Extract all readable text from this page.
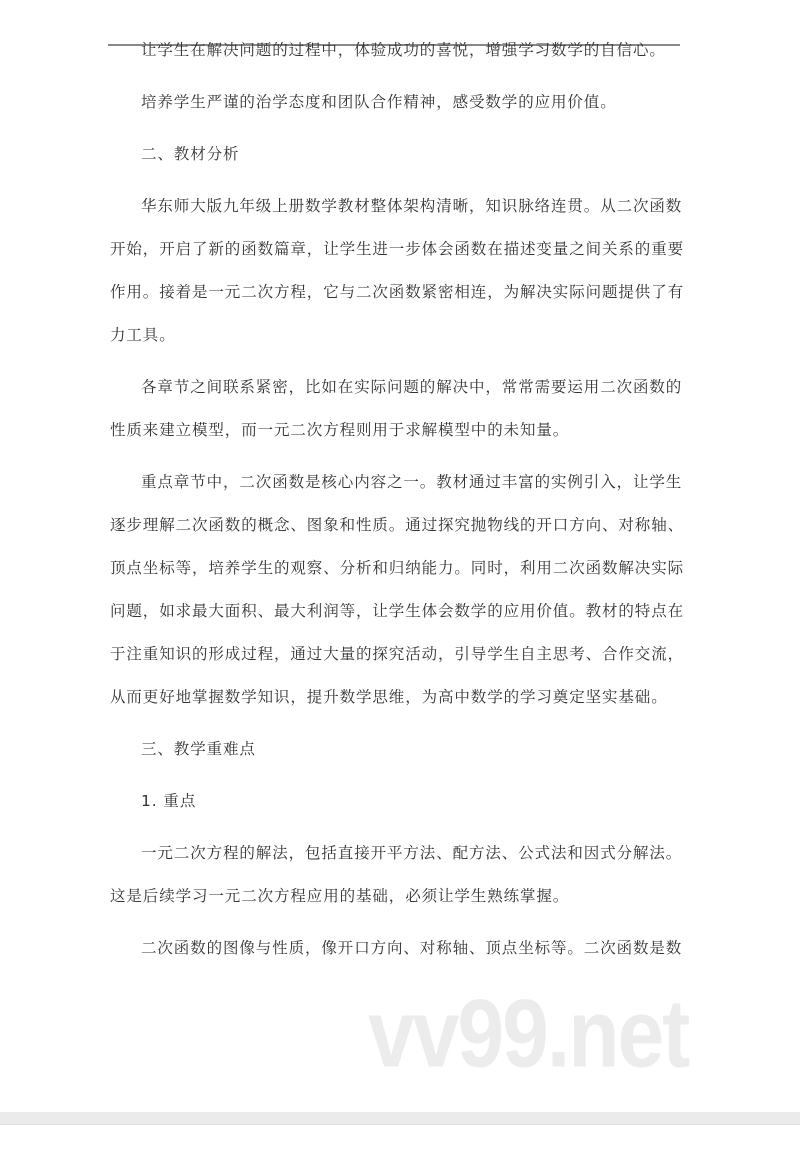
让学生在解决问题的过程中，体验成功的喜悦，增强学习数学的自信心。
培养学生严谨的治学态度和团队合作精神，感受数学的应用价值。
二、教材分析
华东师大版九年级上册数学教材整体架构清晰，知识脉络连贯。从二次函数
开始，开启了新的函数篇章，让学生进一步体会函数在描述变量之间关系的重要
作用。接着是一元二次方程，它与二次函数紧密相连，为解决实际问题提供了有
力工具。
各章节之间联系紧密，比如在实际问题的解决中，常常需要运用二次函数的
性质来建立模型，而一元二次方程则用于求解模型中的未知量。
重点章节中，二次函数是核心内容之一。教材通过丰富的实例引入，让学生
逐步理解二次函数的概念、图象和性质。通过探究抛物线的开口方向、对称轴、
顶点坐标等，培养学生的观察、分析和归纳能力。同时，利用二次函数解决实际
问题，如求最大面积、最大利润等，让学生体会数学的应用价值。教材的特点在
于注重知识的形成过程，通过大量的探究活动，引导学生自主思考、合作交流，
从而更好地掌握数学知识，提升数学思维，为高中数学的学习奠定坚实基础。
三、教学重难点
1. 重点
一元二次方程的解法，包括直接开平方法、配方法、公式法和因式分解法。
这是后续学习一元二次方程应用的基础，必须让学生熟练掌握。
二次函数的图像与性质，像开口方向、对称轴、顶点坐标等。二次函数是数
vv99.net
